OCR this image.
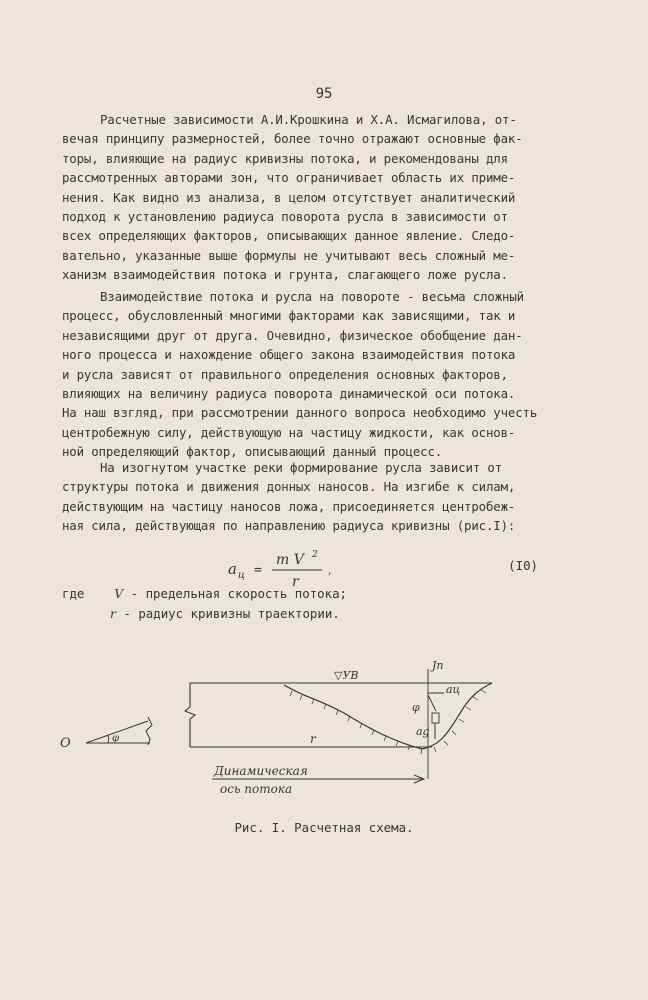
95
Расчетные зависимости А.И.Крошкина и Х.А. Исмагилова, от-
вечая принципу размерностей, более точно отражают основные фак-
торы, влияющие на радиус кривизны потока, и рекомендованы для
рассмотренных авторами зон, что ограничивает область их приме-
нения. Как видно из анализа, в целом отсутствует аналитический
подход к установлению радиуса поворота русла в зависимости от
всех определяющих факторов, описывающих данное явление. Следо-
вательно, указанные выше формулы не учитывают весь сложный ме-
ханизм взаимодействия потока и грунта, слагающего ложе русла.
Взаимодействие потока и русла на повороте - весьма сложный
процесс, обусловленный многими факторами как зависящими, так и
независящими друг от друга. Очевидно, физическое обобщение дан-
ного процесса и нахождение общего закона взаимодействия потока
и русла зависят от правильного определения основных факторов,
влияющих на величину радиуса поворота динамической оси потока.
На наш взгляд, при рассмотрении данного вопроса необходимо учесть
центробежную силу, действующую на частицу жидкости, как основ-
ной определяющий фактор, описывающий данный процесс.
На изогнутом участке реки формирование русла зависит от
структуры потока и движения донных наносов. На изгибе к силам,
действующим на частицу наносов ложа, присоединяется центробеж-
ная сила, действующая по направлению радиуса кривизны (рис.I):
a ц =
m V 2
r
,	(I0)
где V - предельная скорость потока;
r - радиус кривизны траектории.
O	φ
▽УВ
Jn
aц
φ
ag
r
Динамическая
ось потока
Рис. I. Расчетная схема.
